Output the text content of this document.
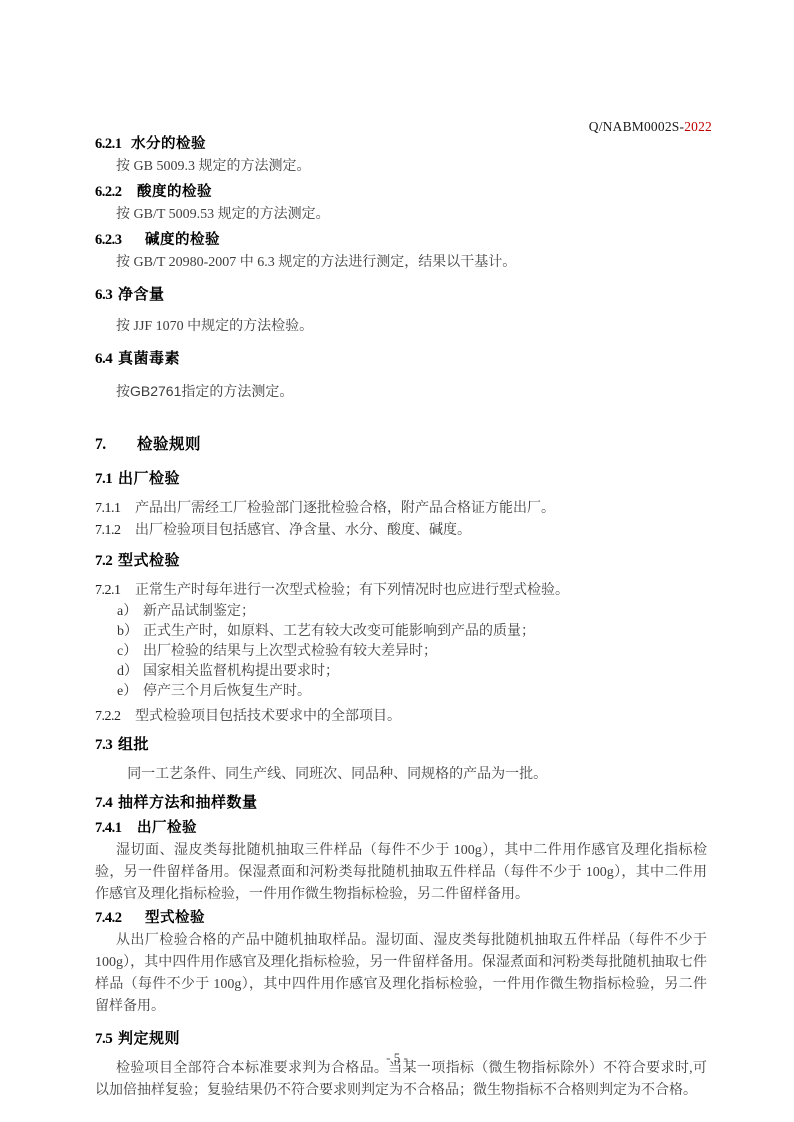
Q/NABM0002S-2022
6.2.1 水分的检验

按 GB 5009.3 规定的方法测定。

6.2.2 酸度的检验

按 GB/T 5009.53 规定的方法测定。

6.2.3 碱度的检验

按 GB/T 20980-2007 中 6.3 规定的方法进行测定，结果以干基计。

6.3 净含量

按 JJF 1070 中规定的方法检验。

6.4 真菌毒素

按GB2761指定的方法测定。

7. 检验规则
7.1 出厂检验
7.1.1	产品出厂需经工厂检验部门逐批检验合格，附产品合格证方能出厂。
7.1.2	出厂检验项目包括感官、净含量、水分、酸度、碱度。
7.2 型式检验
7.2.1	正常生产时每年进行一次型式检验；有下列情况时也应进行型式检验。
a） 新产品试制鉴定；
b） 正式生产时，如原料、工艺有较大改变可能影响到产品的质量；
c） 出厂检验的结果与上次型式检验有较大差异时；
d） 国家相关监督机构提出要求时；
e） 停产三个月后恢复生产时。
7.2.2	型式检验项目包括技术要求中的全部项目。
7.3 组批

同一工艺条件、同生产线、同班次、同品种、同规格的产品为一批。

7.4 抽样方法和抽样数量
7.4.1 出厂检验

湿切面、湿皮类每批随机抽取三件样品（每件不少于 100g），其中二件用作感官及理化指标检验，另一件留样备用。保湿煮面和河粉类每批随机抽取五件样品（每件不少于 100g），其中二件用作感官及理化指标检验，一件用作微生物指标检验，另二件留样备用。

7.4.2 型式检验

从出厂检验合格的产品中随机抽取样品。湿切面、湿皮类每批随机抽取五件样品（每件不少于 100g），其中四件用作感官及理化指标检验，另一件留样备用。保湿煮面和河粉类每批随机抽取七件样品（每件不少于 100g），其中四件用作感官及理化指标检验，一件用作微生物指标检验，另二件留样备用。

7.5 判定规则

检验项目全部符合本标准要求判为合格品。当某一项指标（微生物指标除外）不符合要求时,可以加倍抽样复验；复验结果仍不符合要求则判定为不合格品；微生物指标不合格则判定为不合格。

- 5 -
